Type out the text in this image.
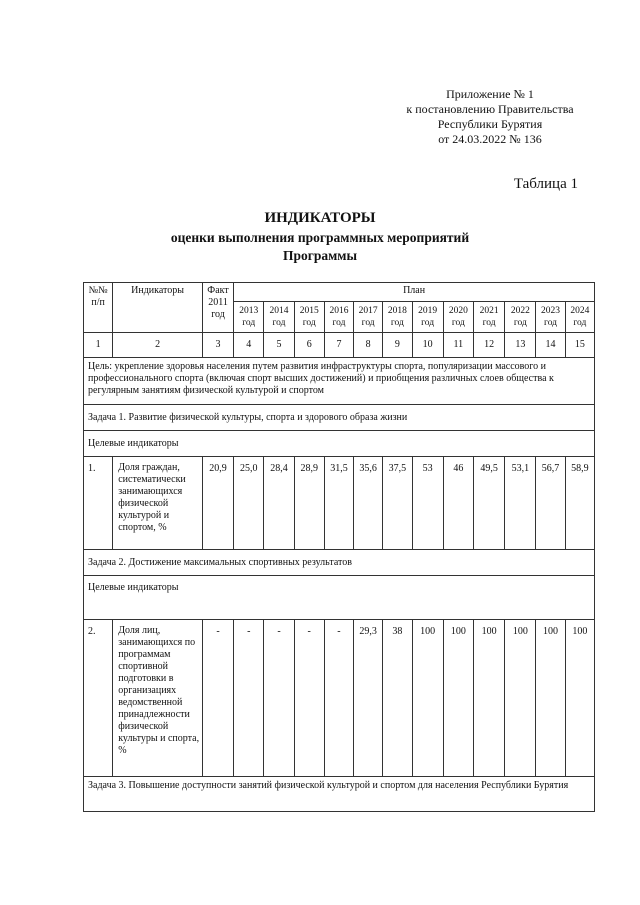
Приложение № 1
к постановлению Правительства
Республики Бурятия
от 24.03.2022 № 136
Таблица 1
ИНДИКАТОРЫ
оценки выполнения программных мероприятий
Программы
№№ п/п	Индикаторы	Факт 2011 год	План											
			2013 год	2014 год	2015 год	2016 год	2017 год	2018 год	2019 год	2020 год	2021 год	2022 год	2023 год	2024 год
1	2	3	4	5	6	7	8	9	10	11	12	13	14	15
Цель: укрепление здоровья населения путем развития инфраструктуры спорта, популяризации массового и профессионального спорта (включая спорт высших достижений) и приобщения различных слоев общества к регулярным занятиям физической культурой и спортом														
Задача 1. Развитие физической культуры, спорта и здорового образа жизни														
Целевые индикаторы														
1.	Доля граждан, систематически занимающихся физической культурой и спортом, %	20,9	25,0	28,4	28,9	31,5	35,6	37,5	53	46	49,5	53,1	56,7	58,9
Задача 2. Достижение максимальных спортивных результатов														
Целевые индикаторы														
2.	Доля лиц, занимающихся по программам спортивной подготовки в организациях ведомственной принадлежности физической культуры и спорта, %	-	-	-	-	-	29,3	38	100	100	100	100	100	100
Задача 3. Повышение доступности занятий физической культурой и спортом для населения Республики Бурятия														
